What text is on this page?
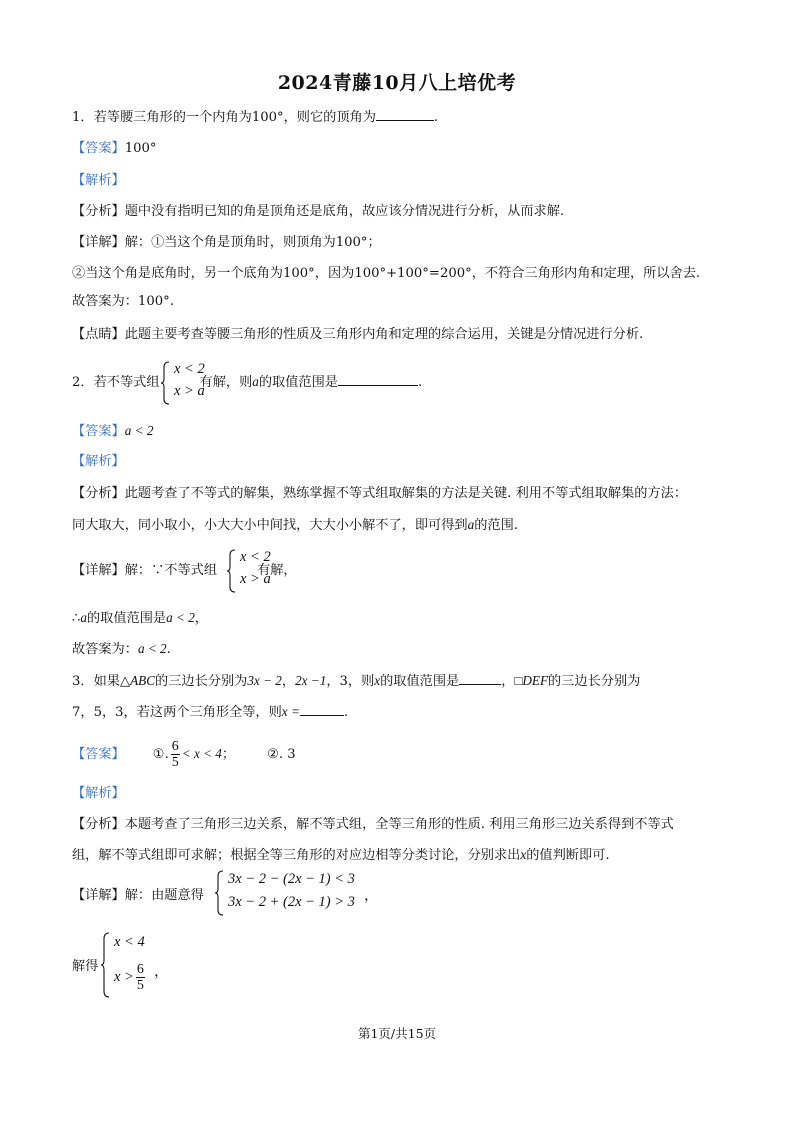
2024青藤10月八上培优考
1．若等腰三角形的一个内角为100°，则它的顶角为	.
【答案】100°
【解析】
【分析】题中没有指明已知的角是顶角还是底角，故应该分情况进行分析，从而求解.
【详解】解：①当这个角是顶角时，则顶角为100°；
②当这个角是底角时，另一个底角为100°，因为100°+100°=200°，不符合三角形内角和定理，所以舍去.
故答案为：100°.
【点睛】此题主要考查等腰三角形的性质及三角形内角和定理的综合运用，关键是分情况进行分析.
2．若不等式组	有解，则a的取值范围是	.
x < 2
x > a
【答案】a < 2
【解析】
【分析】此题考查了不等式的解集，熟练掌握不等式组取解集的方法是关键. 利用不等式组取解集的方法：
同大取大，同小取小，小大大小中间找，大大小小解不了，即可得到a的范围.
【详解】解：∵不等式组	有解，
x < 2
x > a
∴a的取值范围是a < 2，
故答案为：a < 2.
3．如果△ABC的三边长分别为3x − 2，2x −1，3，则x的取值范围是	，□DEF的三边长分别为
7，5，3，若这两个三角形全等，则x =	.
【答案】 ①. $\frac{6}{5} < x < 4$； ②. 3
【解析】
【分析】本题考查了三角形三边关系，解不等式组，全等三角形的性质. 利用三角形三边关系得到不等式
组，解不等式组即可求解；根据全等三角形的对应边相等分类讨论，分别求出x的值判断即可.
【详解】解：由题意得
3x − 2 − (2x − 1) < 3
3x − 2 + (2x − 1) > 3 ，
解得
x < 4
$x > \frac{6}{5}$ ，
第1页/共15页
